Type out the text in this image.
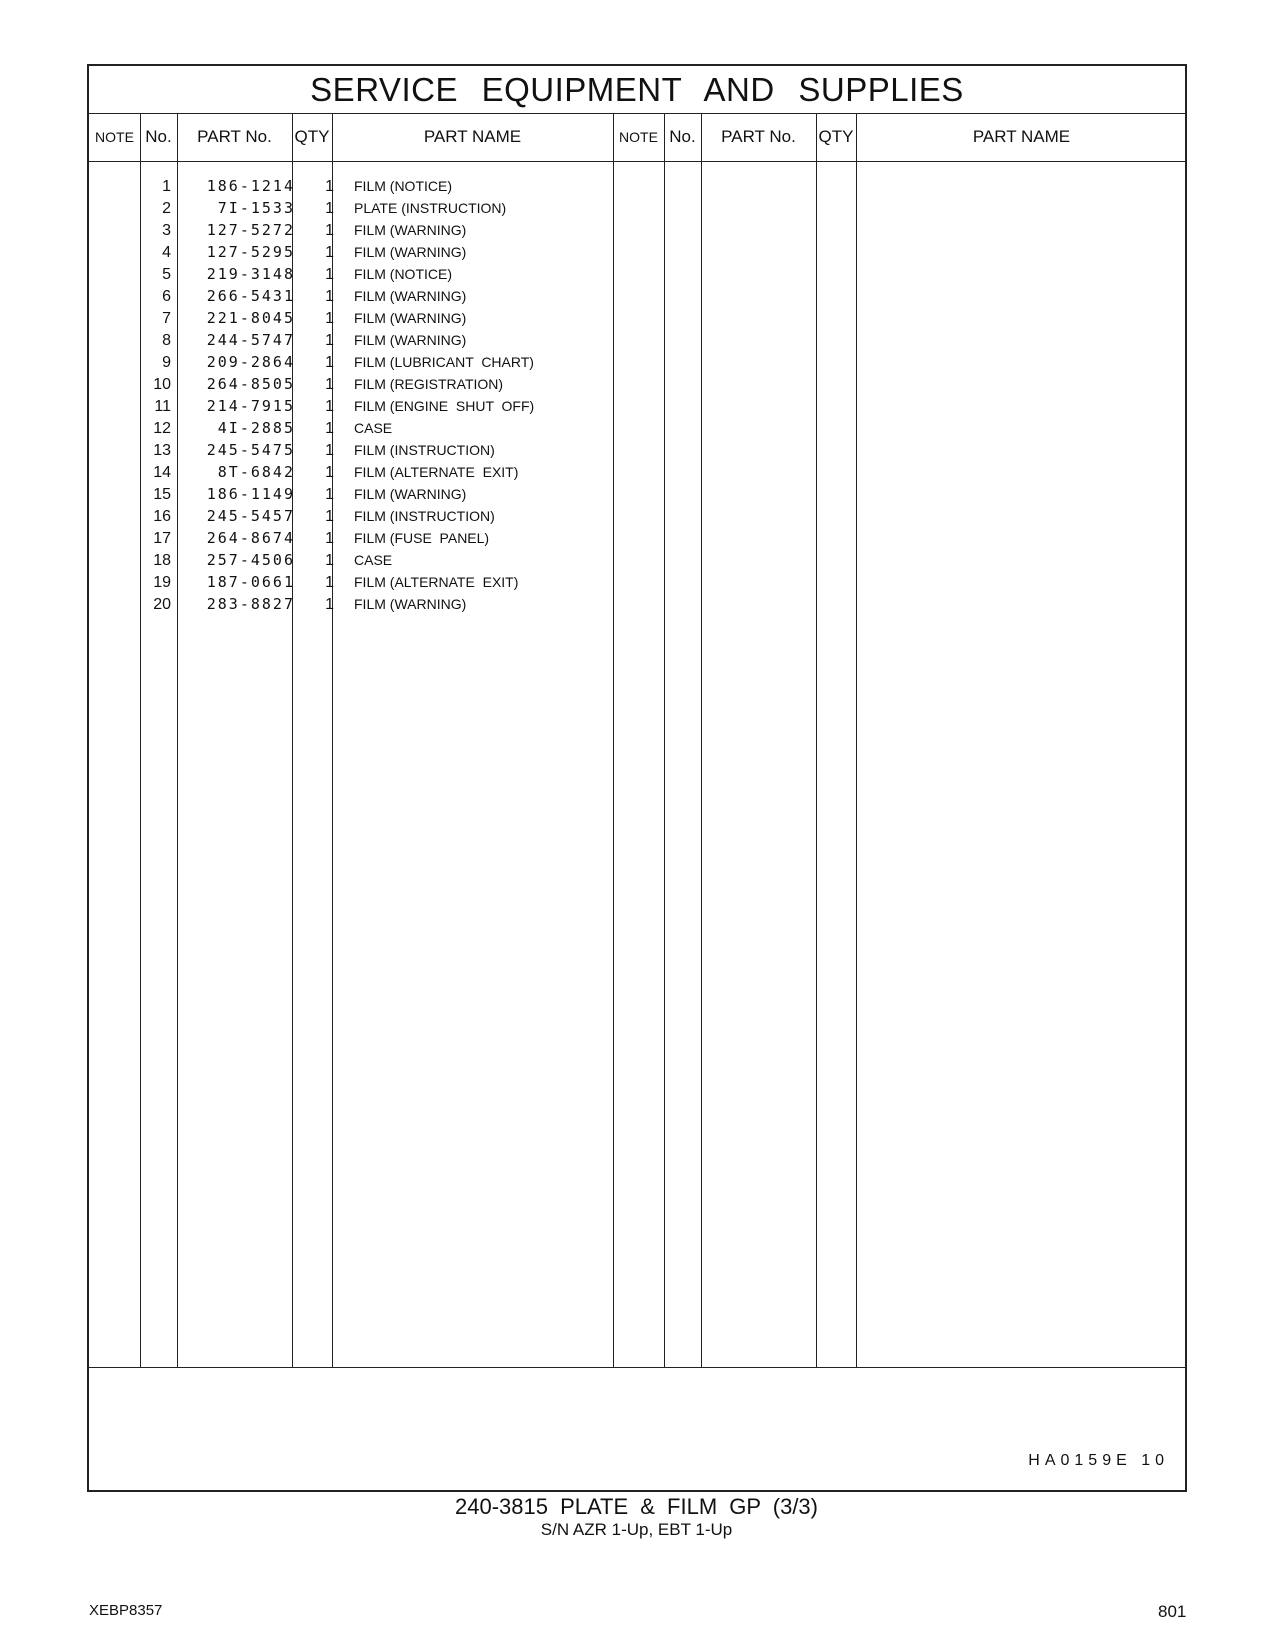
SERVICE EQUIPMENT AND SUPPLIES
NOTE No.	PART No.	QTY	PART NAME	NOTE No.	PART No.	QTY	PART NAME
1	186-1214	1 FILM (NOTICE)
2	7I-1533	1 PLATE (INSTRUCTION)
3	127-5272	1 FILM (WARNING)
4	127-5295	1 FILM (WARNING)
5	219-3148	1 FILM (NOTICE)
6	266-5431	1 FILM (WARNING)
7	221-8045	1 FILM (WARNING)
8	244-5747	1 FILM (WARNING)
9	209-2864	1 FILM (LUBRICANT  CHART)
10	264-8505	1 FILM (REGISTRATION)
11	214-7915	1 FILM (ENGINE  SHUT  OFF)
12	4I-2885	1 CASE
13	245-5475	1 FILM (INSTRUCTION)
14	8T-6842	1 FILM (ALTERNATE  EXIT)
15	186-1149	1 FILM (WARNING)
16	245-5457	1 FILM (INSTRUCTION)
17	264-8674	1 FILM (FUSE  PANEL)
18	257-4506	1 CASE
19	187-0661	1 FILM (ALTERNATE  EXIT)
20	283-8827	1 FILM (WARNING)
HA0159E 10
240-3815 PLATE & FILM GP (3/3)
S/N AZR 1-Up, EBT 1-Up
XEBP8357	801
